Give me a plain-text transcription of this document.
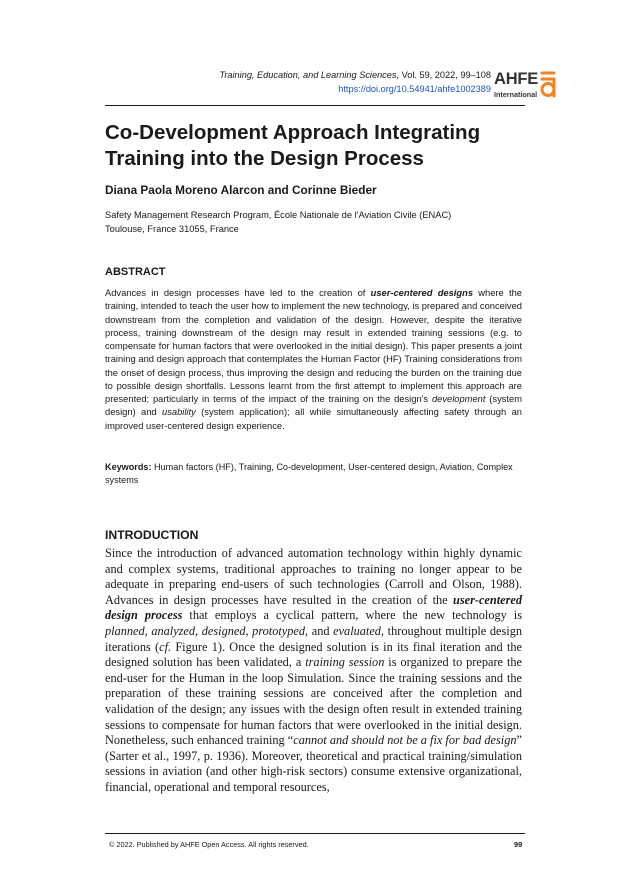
Training, Education, and Learning Sciences, Vol. 59, 2022, 99–108
https://doi.org/10.54941/ahfe1002389
AHFE
International
Co-Development Approach Integrating
Training into the Design Process
Diana Paola Moreno Alarcon and Corinne Bieder
Safety Management Research Program, École Nationale de l'Aviation Civile (ENAC)
Toulouse, France 31055, France
ABSTRACT
Advances in design processes have led to the creation of user-centered designs where the training, intended to teach the user how to implement the new technology, is prepared and conceived downstream from the completion and validation of the design. However, despite the iterative process, training downstream of the design may result in extended training sessions (e.g. to compensate for human factors that were overlooked in the initial design). This paper presents a joint training and design approach that contemplates the Human Factor (HF) Training considerations from the onset of design process, thus improving the design and reducing the burden on the training due to possible design shortfalls. Lessons learnt from the first attempt to implement this approach are presented; particularly in terms of the impact of the training on the design's development (system design) and usability (system application); all while simultaneously affecting safety through an improved user-centered design experience.
Keywords: Human factors (HF), Training, Co-development, User-centered design, Aviation, Complex systems
INTRODUCTION
Since the introduction of advanced automation technology within highly dynamic and complex systems, traditional approaches to training no longer appear to be adequate in preparing end-users of such technologies (Carroll and Olson, 1988). Advances in design processes have resulted in the creation of the user-centered design process that employs a cyclical pattern, where the new technology is planned, analyzed, designed, prototyped, and evaluated, throughout multiple design iterations (cf. Figure 1). Once the designed solution is in its final iteration and the designed solution has been validated, a training session is organized to prepare the end-user for the Human in the loop Simulation. Since the training sessions and the preparation of these training sessions are conceived after the completion and validation of the design; any issues with the design often result in extended training sessions to compensate for human factors that were overlooked in the initial design. Nonetheless, such enhanced training “cannot and should not be a fix for bad design” (Sarter et al., 1997, p. 1936). Moreover, theoretical and practical training/simulation sessions in aviation (and other high-risk sectors) consume extensive organizational, financial, operational and temporal resources,
© 2022. Published by AHFE Open Access. All rights reserved.	99
